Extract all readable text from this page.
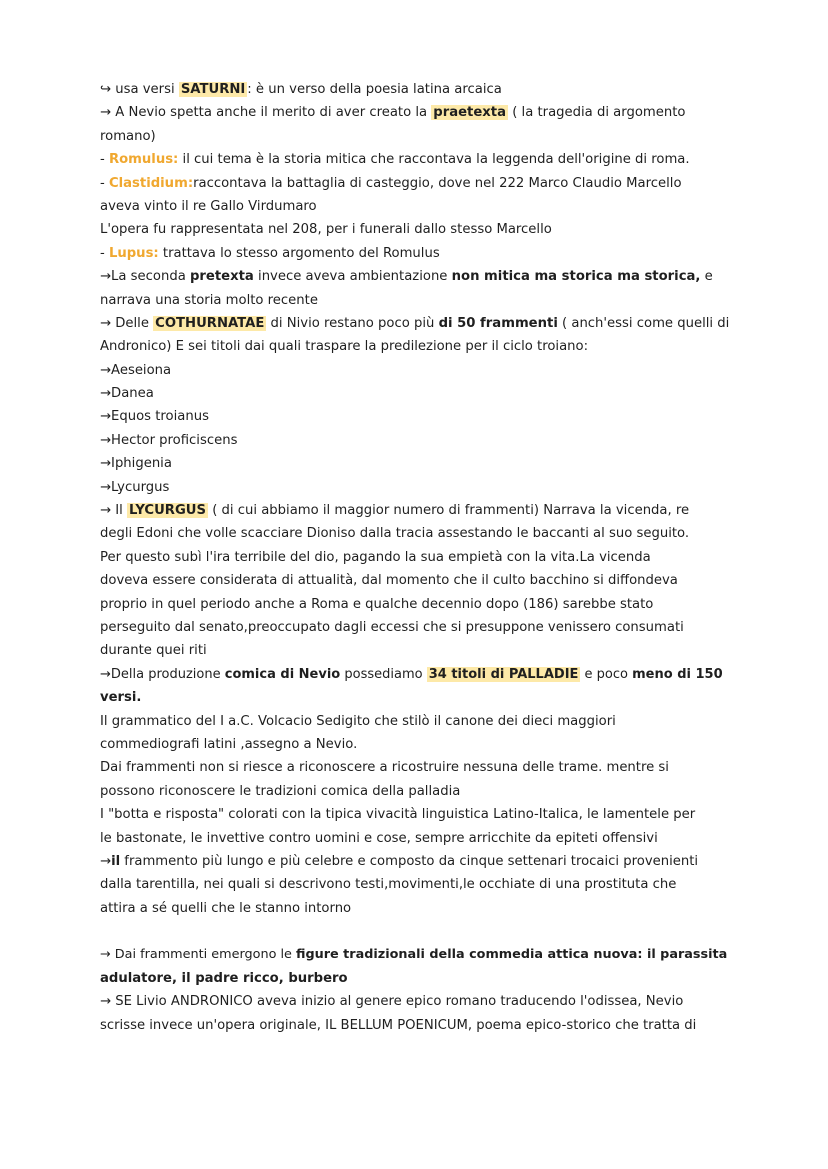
↪ usa versi SATURNI : è un verso della poesia latina arcaica
→ A Nevio spetta anche il merito di aver creato la praetexta ( la tragedia di argomento
romano)
- Romulus: il cui tema è la storia mitica che raccontava la leggenda dell'origine di roma.
- Clastidium:raccontava la battaglia di casteggio, dove nel 222 Marco Claudio Marcello
aveva vinto il re Gallo Virdumaro
L'opera fu rappresentata nel 208, per i funerali dallo stesso Marcello
- Lupus: trattava lo stesso argomento del Romulus
→La seconda pretexta invece aveva ambientazione non mitica ma storica ma storica, e
narrava una storia molto recente
→ Delle COTHURNATAE di Nivio restano poco più di 50 frammenti ( anch'essi come quelli di
Andronico) E sei titoli dai quali traspare la predilezione per il ciclo troiano:
→Aeseiona
→Danea
→Equos troianus
→Hector proficiscens
→Iphigenia
→Lycurgus
→ Il LYCURGUS ( di cui abbiamo il maggior numero di frammenti) Narrava la vicenda, re
degli Edoni che volle scacciare Dioniso dalla tracia assestando le baccanti al suo seguito.
Per questo subì l'ira terribile del dio, pagando la sua empietà con la vita.La vicenda
doveva essere considerata di attualità, dal momento che il culto bacchino si diffondeva
proprio in quel periodo anche a Roma e qualche decennio dopo (186) sarebbe stato
perseguito dal senato,preoccupato dagli eccessi che si presuppone venissero consumati
durante quei riti
→Della produzione comica di Nevio possediamo 34 titoli di PALLADIE e poco meno di 150
versi.
Il grammatico del I a.C. Volcacio Sedigito che stilò il canone dei dieci maggiori
commediografi latini ,assegno a Nevio.
Dai frammenti non si riesce a riconoscere a ricostruire nessuna delle trame. mentre si
possono riconoscere le tradizioni comica della palladia
I "botta e risposta" colorati con la tipica vivacità linguistica Latino-Italica, le lamentele per
le bastonate, le invettive contro uomini e cose, sempre arricchite da epiteti offensivi
→il frammento più lungo e più celebre e composto da cinque settenari trocaici provenienti
dalla tarentilla, nei quali si descrivono testi,movimenti,le occhiate di una prostituta che
attira a sé quelli che le stanno intorno
→ Dai frammenti emergono le figure tradizionali della commedia attica nuova: il parassita
adulatore, il padre ricco, burbero
→ SE Livio ANDRONICO aveva inizio al genere epico romano traducendo l'odissea, Nevio
scrisse invece un'opera originale, IL BELLUM POENICUM, poema epico-storico che tratta di
